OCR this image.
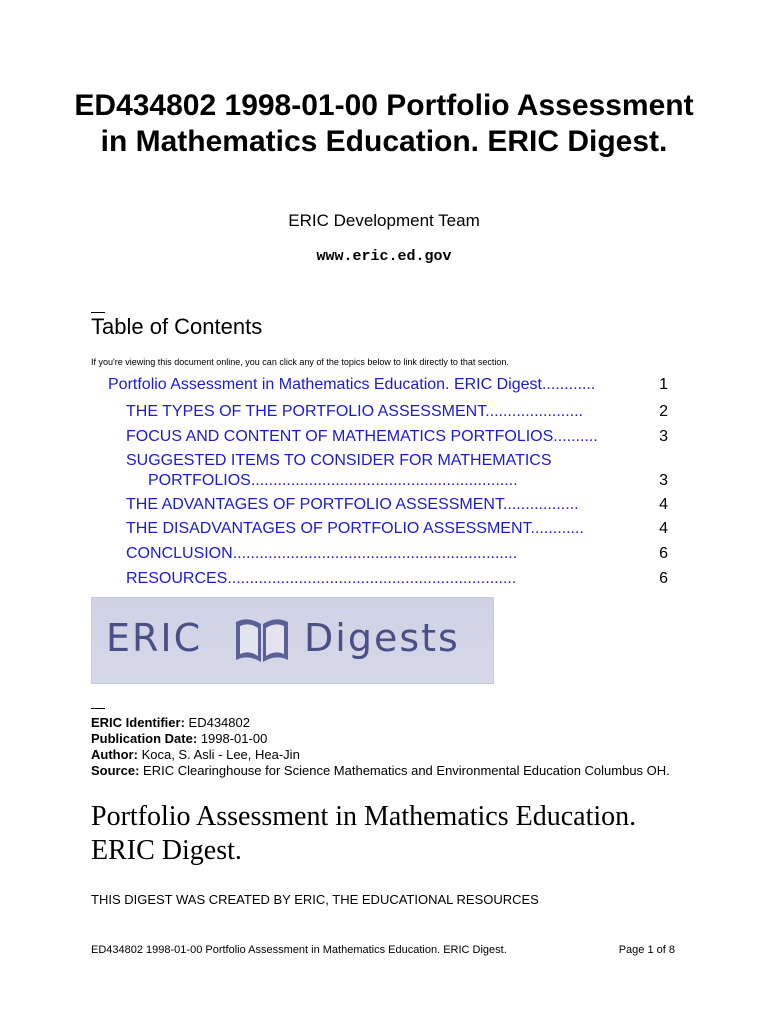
ED434802 1998-01-00 Portfolio Assessment in Mathematics Education. ERIC Digest.
ERIC Development Team
www.eric.ed.gov
Table of Contents
If you're viewing this document online, you can click any of the topics below to link directly to that section.
Portfolio Assessment in Mathematics Education. ERIC Digest............	1
THE TYPES OF THE PORTFOLIO ASSESSMENT......................	2
FOCUS AND CONTENT OF MATHEMATICS PORTFOLIOS..........	3
SUGGESTED ITEMS TO CONSIDER FOR MATHEMATICS
PORTFOLIOS............................................................	3
THE ADVANTAGES OF PORTFOLIO ASSESSMENT.................	4
THE DISADVANTAGES OF PORTFOLIO ASSESSMENT............	4
CONCLUSION................................................................	6
RESOURCES.................................................................	6
ERIC	Digests
ERIC Identifier: ED434802
Publication Date: 1998-01-00
Author: Koca, S. Asli - Lee, Hea-Jin
Source: ERIC Clearinghouse for Science Mathematics and Environmental Education Columbus OH.
Portfolio Assessment in Mathematics Education. ERIC Digest.
THIS DIGEST WAS CREATED BY ERIC, THE EDUCATIONAL RESOURCES
ED434802 1998-01-00 Portfolio Assessment in Mathematics Education. ERIC Digest.	Page 1 of 8
